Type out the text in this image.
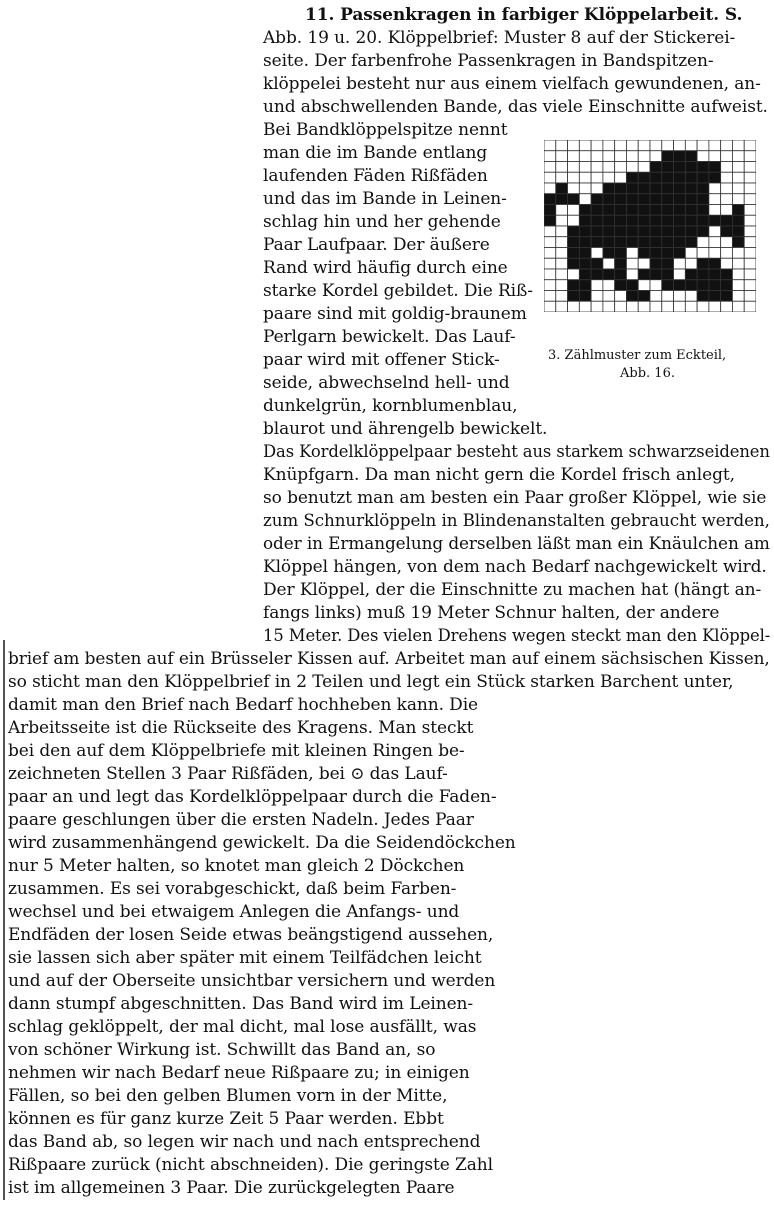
11. Passenkragen in farbiger Klöppelarbeit. S.
Abb. 19 u. 20. Klöppelbrief: Muster 8 auf der Stickerei-
seite. Der farbenfrohe Passenkragen in Bandspitzen-
klöppelei besteht nur aus einem vielfach gewundenen, an-
und abschwellenden Bande, das viele Einschnitte aufweist.
Bei Bandklöppelspitze nennt
man die im Bande entlang
laufenden Fäden Rißfäden
und das im Bande in Leinen-
schlag hin und her gehende
Paar Laufpaar. Der äußere
Rand wird häufig durch eine
starke Kordel gebildet. Die Riß-
paare sind mit goldig-braunem
Perlgarn bewickelt. Das Lauf-
paar wird mit offener Stick-
seide, abwechselnd hell- und
dunkelgrün, kornblumenblau,
blaurot und ährengelb bewickelt.
Das Kordelklöppelpaar besteht aus starkem schwarzseidenen
Knüpfgarn. Da man nicht gern die Kordel frisch anlegt,
so benutzt man am besten ein Paar großer Klöppel, wie sie
zum Schnurklöppeln in Blindenanstalten gebraucht werden,
oder in Ermangelung derselben läßt man ein Knäulchen am
Klöppel hängen, von dem nach Bedarf nachgewickelt wird.
Der Klöppel, der die Einschnitte zu machen hat (hängt an-
fangs links) muß 19 Meter Schnur halten, der andere
15 Meter. Des vielen Drehens wegen steckt man den Klöppel-
brief am besten auf ein Brüsseler Kissen auf. Arbeitet man auf einem sächsischen Kissen,
so sticht man den Klöppelbrief in 2 Teilen und legt ein Stück starken Barchent unter,
damit man den Brief nach Bedarf hochheben kann. Die
Arbeitsseite ist die Rückseite des Kragens. Man steckt
bei den auf dem Klöppelbriefe mit kleinen Ringen be-
zeichneten Stellen 3 Paar Rißfäden, bei ⊙ das Lauf-
paar an und legt das Kordelklöppelpaar durch die Faden-
paare geschlungen über die ersten Nadeln. Jedes Paar
wird zusammenhängend gewickelt. Da die Seidendöckchen
nur 5 Meter halten, so knotet man gleich 2 Döckchen
zusammen. Es sei vorabgeschickt, daß beim Farben-
wechsel und bei etwaigem Anlegen die Anfangs- und
Endfäden der losen Seide etwas beängstigend aussehen,
sie lassen sich aber später mit einem Teilfädchen leicht
und auf der Oberseite unsichtbar versichern und werden
dann stumpf abgeschnitten. Das Band wird im Leinen-
schlag geklöppelt, der mal dicht, mal lose ausfällt, was
von schöner Wirkung ist. Schwillt das Band an, so
nehmen wir nach Bedarf neue Rißpaare zu; in einigen
Fällen, so bei den gelben Blumen vorn in der Mitte,
können es für ganz kurze Zeit 5 Paar werden. Ebbt
das Band ab, so legen wir nach und nach entsprechend
Rißpaare zurück (nicht abschneiden). Die geringste Zahl
ist im allgemeinen 3 Paar. Die zurückgelegten Paare
3. Zählmuster zum Eckteil,
Abb. 16.
